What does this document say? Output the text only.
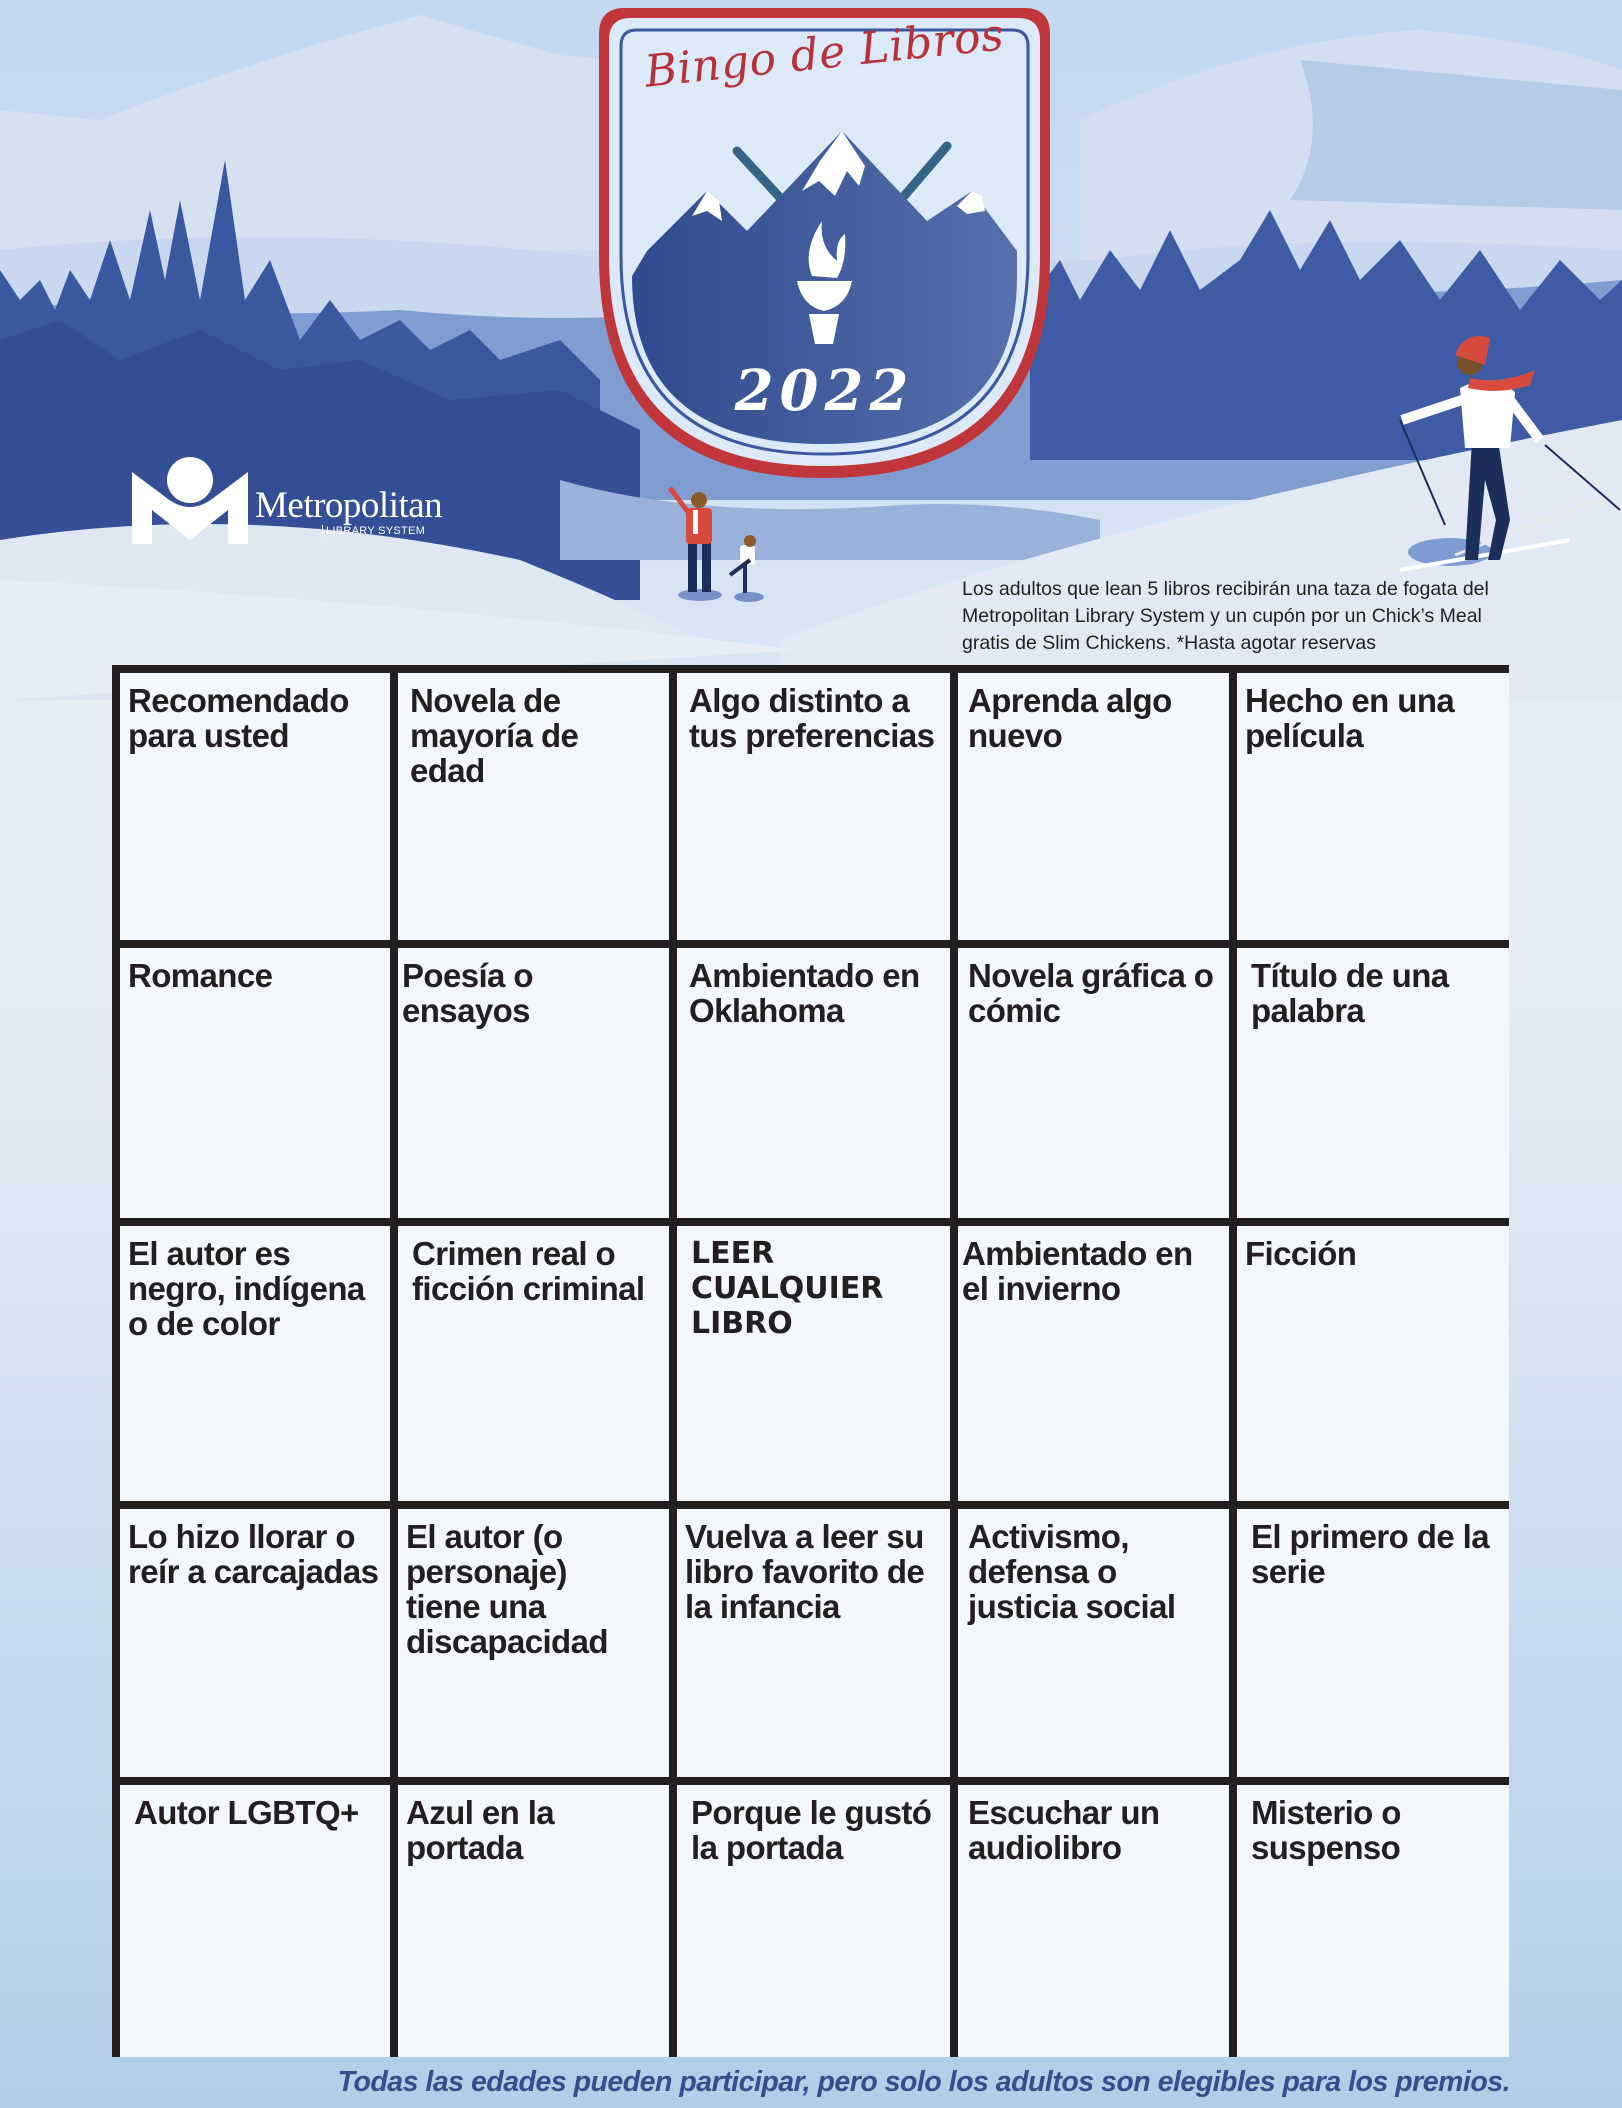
Bingo de Libros
2022
Metropolitan
LIBRARY SYSTEM
Los adultos que lean 5 libros recibirán una taza de fogata del Metropolitan Library System y un cupón por un Chick’s Meal gratis de Slim Chickens. *Hasta agotar reservas
Recomendado para usted
Novela de mayoría de edad
Algo distinto a tus preferencias
Aprenda algo nuevo
Hecho en una película
Romance	Poesía o ensayos
Ambientado en Oklahoma
Novela gráfica o cómic
Título de una palabra
El autor es negro, indígena o de color
Crimen real o ficción criminal
LEER CUALQUIER LIBRO
Ambientado en el invierno
Ficción
Lo hizo llorar o reír a carcajadas
El autor (o personaje) tiene una discapacidad
Vuelva a leer su libro favorito de la infancia
Activismo, defensa o justicia social
El primero de la serie
Autor LGBTQ+	Azul en la portada
Porque le gustó la portada
Escuchar un audiolibro
Misterio o suspenso
Todas las edades pueden participar, pero solo los adultos son elegibles para los premios.
